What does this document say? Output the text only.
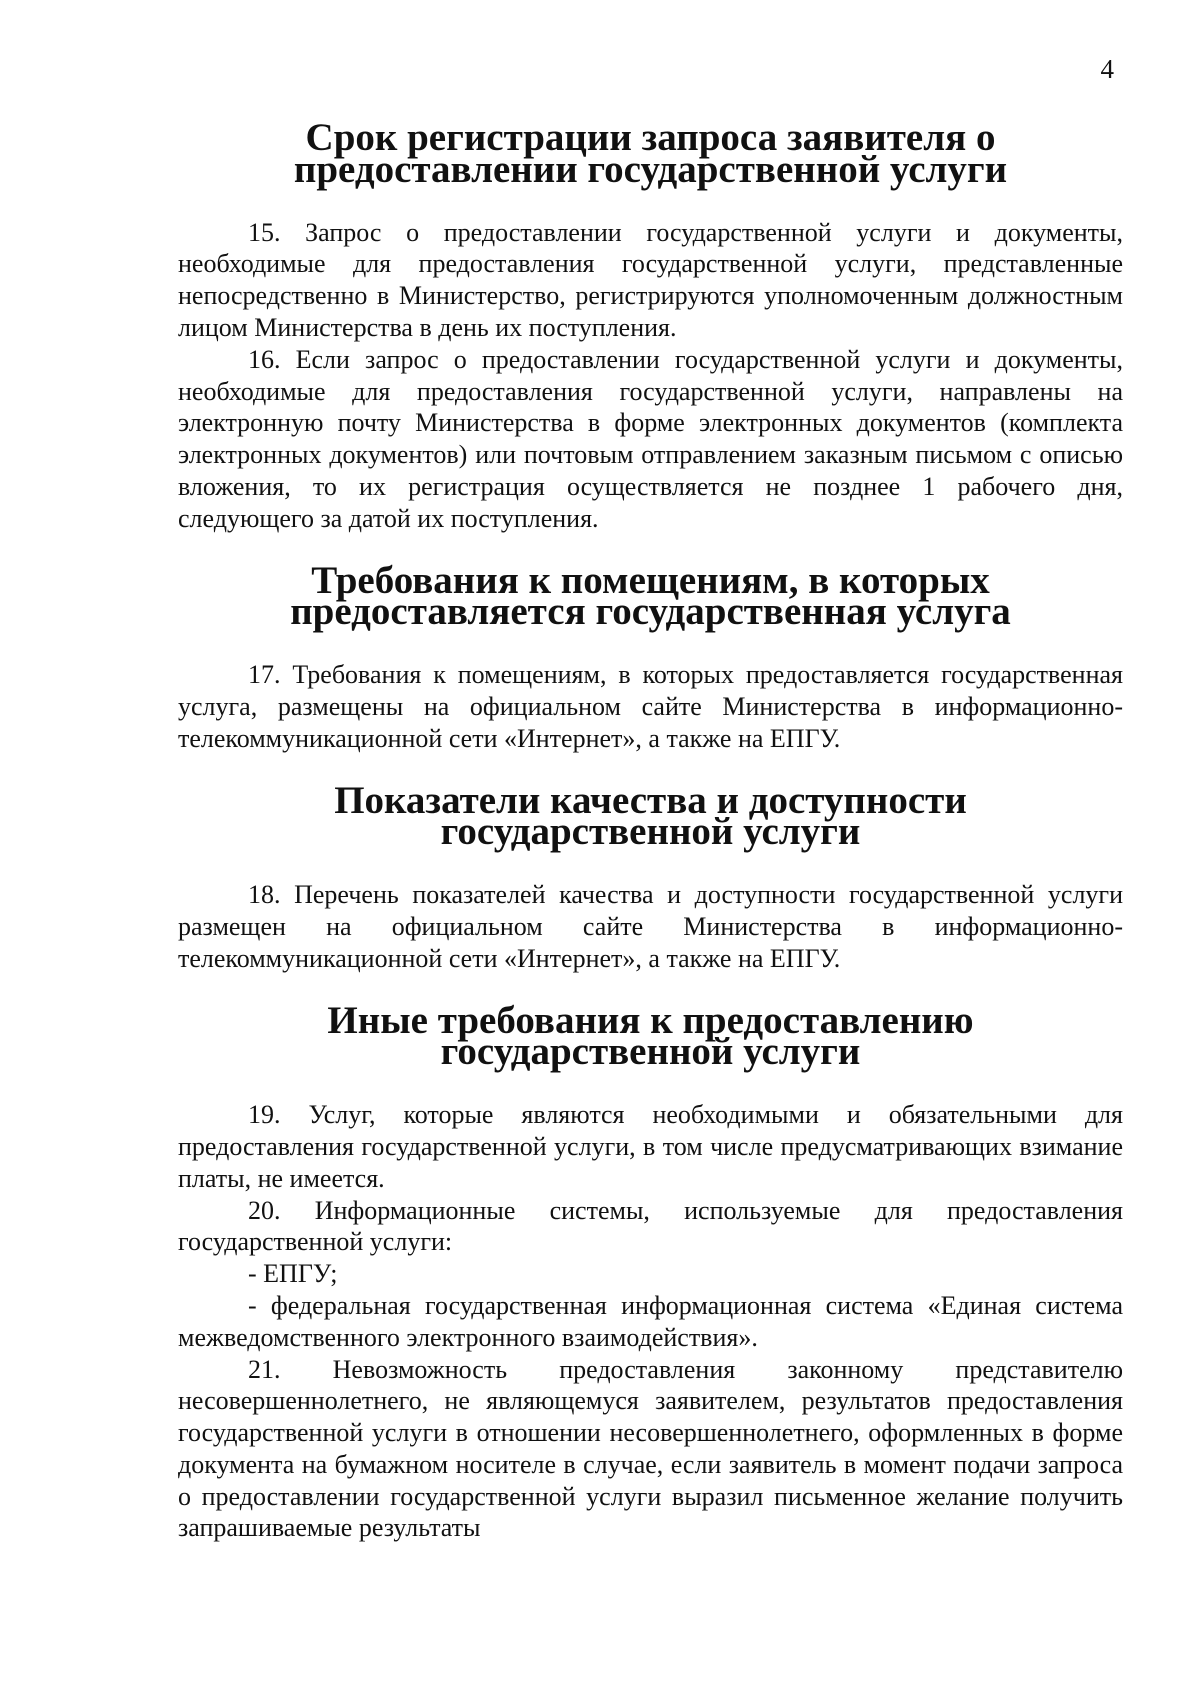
4
Срок регистрации запроса заявителя о предоставлении государственной услуги

15. Запрос о предоставлении государственной услуги и документы, необходимые для предоставления государственной услуги, представленные непосредственно в Министерство, регистрируются уполномоченным должностным лицом Министерства в день их поступления.

16. Если запрос о предоставлении государственной услуги и документы, необходимые для предоставления государственной услуги, направлены на электронную почту Министерства в форме электронных документов (комплекта электронных документов) или почтовым отправлением заказным письмом с описью вложения, то их регистрация осуществляется не позднее 1 рабочего дня, следующего за датой их поступления.

Требования к помещениям, в которых предоставляется государственная услуга

17. Требования к помещениям, в которых предоставляется государственная услуга, размещены на официальном сайте Министерства в информационно-телекоммуникационной сети «Интернет», а также на ЕПГУ.

Показатели качества и доступности государственной услуги

18. Перечень показателей качества и доступности государственной услуги размещен на официальном сайте Министерства в информационно-телекоммуникационной сети «Интернет», а также на ЕПГУ.

Иные требования к предоставлению государственной услуги

19. Услуг, которые являются необходимыми и обязательными для предоставления государственной услуги, в том числе предусматривающих взимание платы, не имеется.

20. Информационные системы, используемые для предоставления государственной услуги:

- ЕПГУ;

- федеральная государственная информационная система «Единая система межведомственного электронного взаимодействия».

21. Невозможность предоставления законному представителю несовершеннолетнего, не являющемуся заявителем, результатов предоставления государственной услуги в отношении несовершеннолетнего, оформленных в форме документа на бумажном носителе в случае, если заявитель в момент подачи запроса о предоставлении государственной услуги выразил письменное желание получить запрашиваемые результаты
